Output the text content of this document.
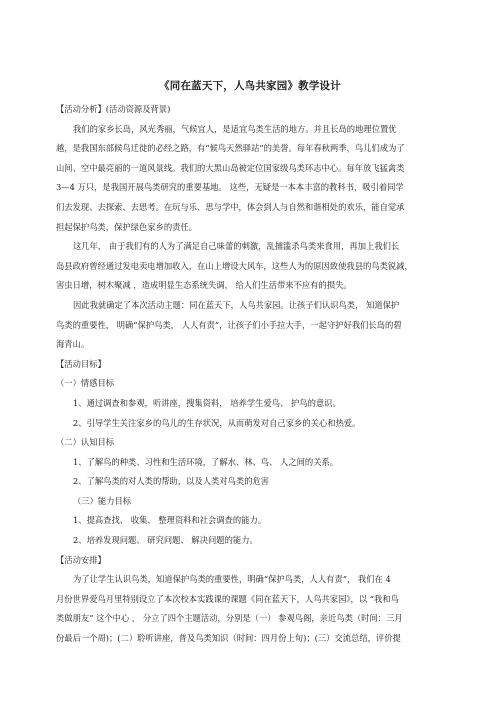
《同在蓝天下，人鸟共家园》教学设计
【活动分析】(活动资源及背景)
我们的家乡长岛，风光秀丽，气候宜人，是适宜鸟类生活的地方。并且长岛的地理位置优
越，是我国东部候鸟迁徙的必经之路，有“候鸟天然驿站”的美誉。每年春秋两季，鸟儿们成为了
山间、空中最亮丽的一道风景线。我们的大黑山岛被定位国家级鸟类环志中心。每年放飞猛禽类
3—4 万只，是我国开展鸟类研究的重要基地。 这些，无疑是一本本丰富的教科书，吸引着同学
们去发现、去探索、去思考。在玩与乐、思与学中，体会到人与自然和谐相处的欢乐，能自觉承
担起保护鸟类，保护绿色家乡的责任。
这几年， 由于我们有的人为了满足自己味蕾的刺激，乱捕滥杀鸟类来食用，再加上我们长
岛县政府曾经通过发电卖电增加收入，在山上增设大风车，这些人为的原因致使我县的鸟类锐减，
害虫日增，树木聚减 ，造成明显生态系统失调， 给人们生活带来不应有的损失。
因此我就确定了本次活动主题：同在蓝天下，人鸟共家园。让孩子们认识鸟类， 知道保护
鸟类的重要性， 明确“保护鸟类， 人人有责”，让孩子们小手拉大手，一起守护好我们长岛的碧
海青山。
【活动目标】
（一）情感目标
1、通过调查和参观，听讲座，搜集资料， 培养学生爱鸟、 护鸟的意识。
2、引导学生关注家乡的鸟儿的生存状况，从而萌发对自己家乡的关心和热爱。
（二）认知目标
1、了解鸟的种类、习性和生活环境，了解水、林、鸟、 人之间的关系。
2、了解鸟类的对人类的帮助，以及人类对鸟类的危害
（三）能力目标
1、提高查找、 收集、 整理资料和社会调查的能力。
2、培养发现问题、 研究问题、 解决问题的能力。
【活动安排】
为了让学生认识鸟类，知道保护鸟类的重要性，明确“保护鸟类，人人有责”， 我们在 4
月份世界爱鸟月里特别设立了本次校本实践课的课题《同在蓝天下，人鸟共家园》，以 “我和鸟
类做朋友” 这个中心 ， 分立了四个主题活动，分别是（一） 参观鸟阁，亲近鸟类（时间：三月
份最后一个周)；(二）聆听讲座，普及鸟类知识（时间：四月份上旬)；(三）交流总结，评价提
